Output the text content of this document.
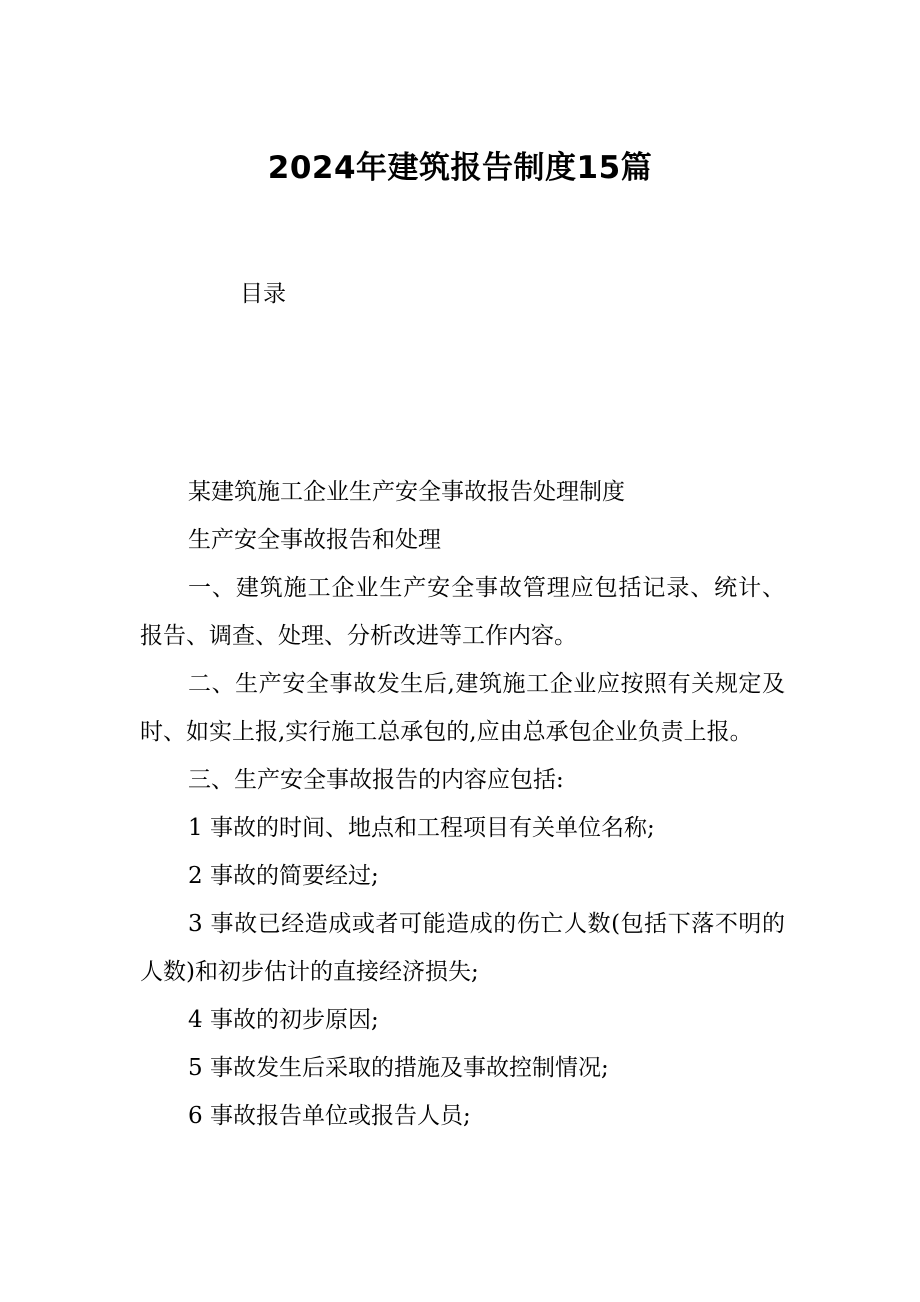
2024年建筑报告制度15篇
目录

某建筑施工企业生产安全事故报告处理制度

生产安全事故报告和处理

一、建筑施工企业生产安全事故管理应包括记录、统计、报告、调查、处理、分析改进等工作内容。

二、生产安全事故发生后,建筑施工企业应按照有关规定及时、如实上报,实行施工总承包的,应由总承包企业负责上报。

三、生产安全事故报告的内容应包括:

1 事故的时间、地点和工程项目有关单位名称;

2 事故的简要经过;

3 事故已经造成或者可能造成的伤亡人数(包括下落不明的人数)和初步估计的直接经济损失;

4 事故的初步原因;

5 事故发生后采取的措施及事故控制情况;

6 事故报告单位或报告人员;
